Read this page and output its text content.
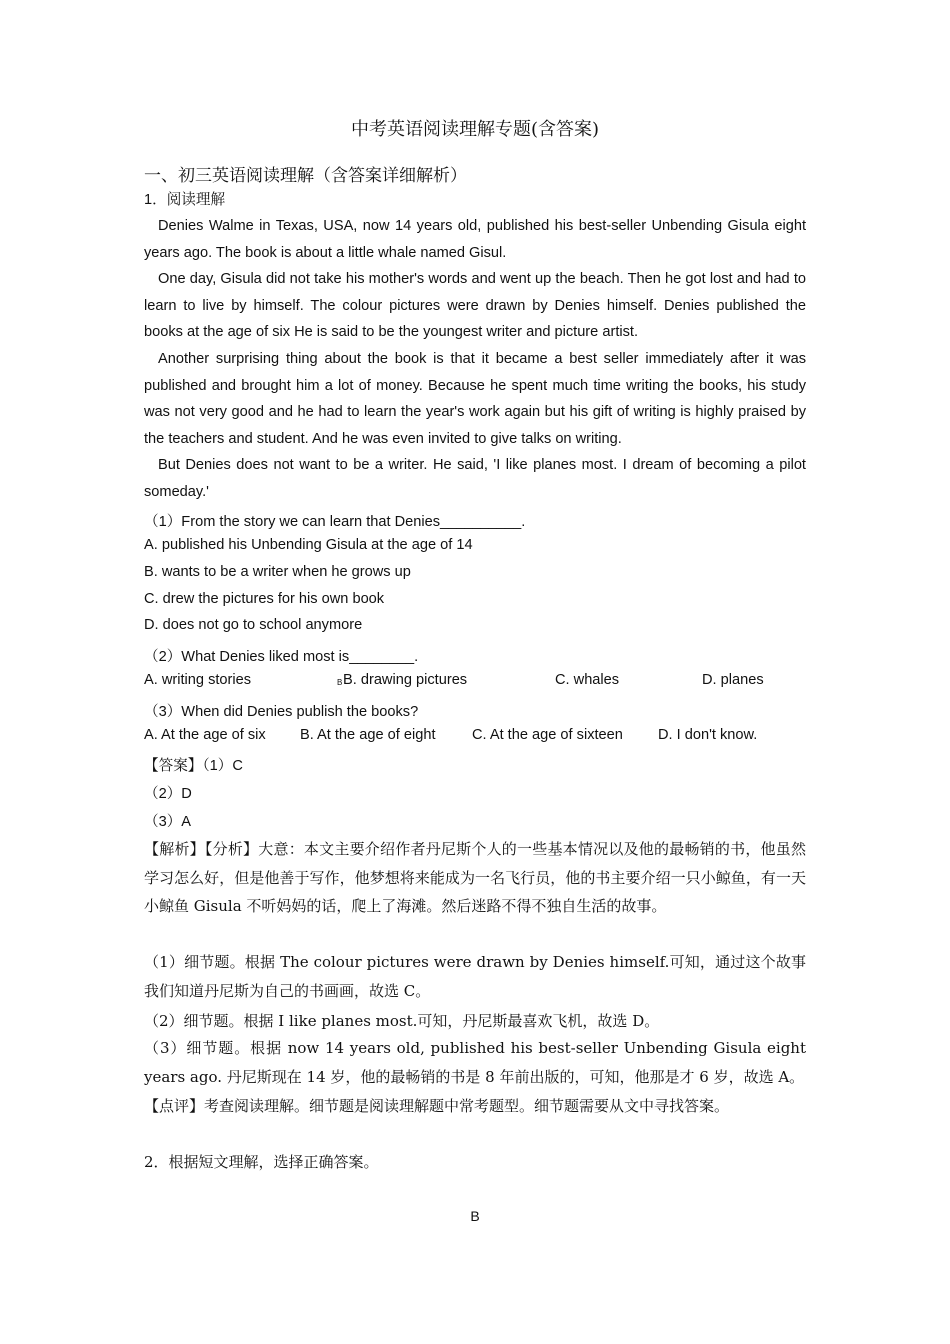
中考英语阅读理解专题(含答案)
一、初三英语阅读理解（含答案详细解析）
1．阅读理解
Denies Walme in Texas, USA, now 14 years old, published his best-seller Unbending Gisula eight years ago. The book is about a little whale named Gisul.
One day, Gisula did not take his mother's words and went up the beach. Then he got lost and had to learn to live by himself. The colour pictures were drawn by Denies himself. Denies published the books at the age of six He is said to be the youngest writer and picture artist.
Another surprising thing about the book is that it became a best seller immediately after it was published and brought him a lot of money. Because he spent much time writing the books, his study was not very good and he had to learn the year's work again but his gift of writing is highly praised by the teachers and student. And he was even invited to give talks on writing.
But Denies does not want to be a writer. He said, 'I like planes most. I dream of becoming a pilot someday.'
（1）From the story we can learn that Denies__________.
A. published his Unbending Gisula at the age of 14
B. wants to be a writer when he grows up
C. drew the pictures for his own book
D. does not go to school anymore
（2）What Denies liked most is________.
A. writing stories	B B. drawing pictures	C. whales	D. planes
（3）When did Denies publish the books?
A. At the age of six B. At the age of eight	C. At the age of sixteen D. I don't know.
【答案】（1）C
（2）D
（3）A
【解析】【分析】大意：本文主要介绍作者丹尼斯个人的一些基本情况以及他的最畅销的书，他虽然学习怎么好，但是他善于写作，他梦想将来能成为一名飞行员，他的书主要介绍一只小鲸鱼，有一天小鲸鱼 Gisula 不听妈妈的话，爬上了海滩。然后迷路不得不独自生活的故事。
（1）细节题。根据 The colour pictures were drawn by Denies himself.可知，通过这个故事我们知道丹尼斯为自己的书画画，故选 C。
（2）细节题。根据 I like planes most.可知，丹尼斯最喜欢飞机，故选 D。
（3）细节题。根据 now 14 years old, published his best-seller Unbending Gisula eight years ago. 丹尼斯现在 14 岁，他的最畅销的书是 8 年前出版的，可知，他那是才 6 岁，故选 A。
【点评】考查阅读理解。细节题是阅读理解题中常考题型。细节题需要从文中寻找答案。
2．根据短文理解，选择正确答案。
B
